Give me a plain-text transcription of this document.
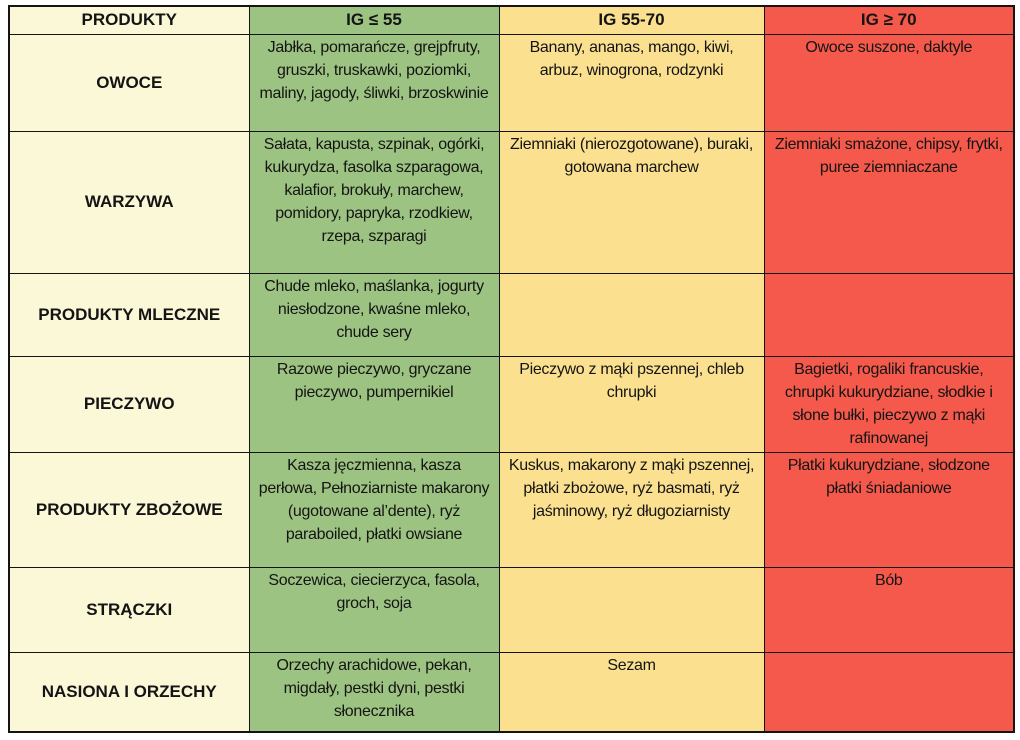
PRODUKTY	IG ≤ 55	IG 55-70	IG ≥ 70
OWOCE	Jabłka, pomarańcze, grejpfruty, gruszki, truskawki, poziomki, maliny, jagody, śliwki, brzoskwinie	Banany, ananas, mango, kiwi, arbuz, winogrona, rodzynki	Owoce suszone, daktyle
WARZYWA	Sałata, kapusta, szpinak, ogórki, kukurydza, fasolka szparagowa, kalafior, brokuły, marchew, pomidory, papryka, rzodkiew, rzepa, szparagi	Ziemniaki (nierozgotowane), buraki, gotowana marchew	Ziemniaki smażone, chipsy, frytki, puree ziemniaczane
PRODUKTY MLECZNE	Chude mleko, maślanka, jogurty niesłodzone, kwaśne mleko, chude sery		
PIECZYWO	Razowe pieczywo, gryczane pieczywo, pumpernikiel	Pieczywo z mąki pszennej, chleb chrupki	Bagietki, rogaliki francuskie, chrupki kukurydziane, słodkie i słone bułki, pieczywo z mąki rafinowanej
PRODUKTY ZBOŻOWE	Kasza jęczmienna, kasza perłowa, Pełnoziarniste makarony (ugotowane al’dente), ryż paraboiled, płatki owsiane	Kuskus, makarony z mąki pszennej, płatki zbożowe, ryż basmati, ryż jaśminowy, ryż długoziarnisty	Płatki kukurydziane, słodzone płatki śniadaniowe
STRĄCZKI	Soczewica, ciecierzyca, fasola, groch, soja		Bób
NASIONA I ORZECHY	Orzechy arachidowe, pekan, migdały, pestki dyni, pestki słonecznika	Sezam	
